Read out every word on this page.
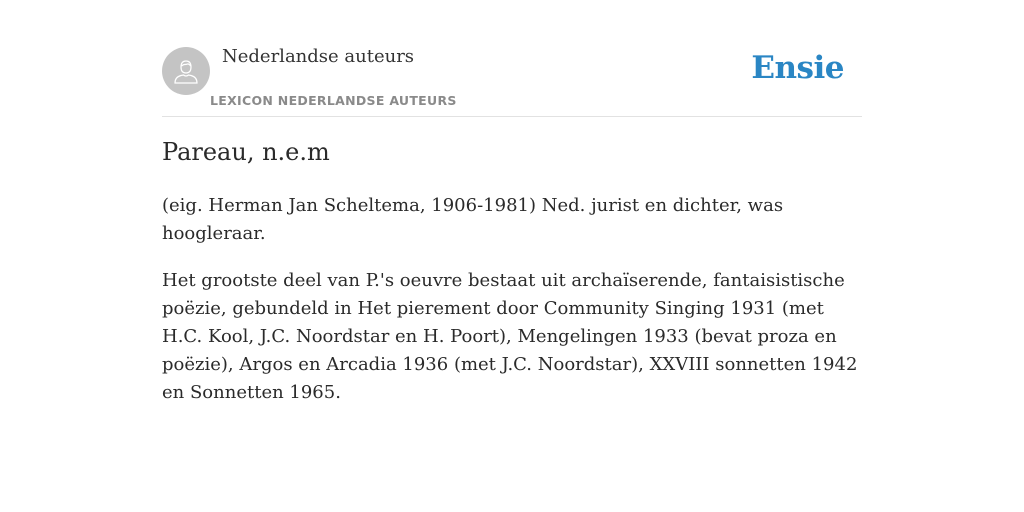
Nederlandse auteurs
LEXICON NEDERLANDSE AUTEURS
Ensie
Pareau, n.e.m

(eig. Herman Jan Scheltema, 1906-1981) Ned. jurist en dichter, was hoogleraar.

Het grootste deel van P.'s oeuvre bestaat uit archaïserende, fantaisistische poëzie, gebundeld in Het pierement door Community Singing 1931 (met H.C. Kool, J.C. Noordstar en H. Poort), Mengelingen 1933 (bevat proza en poëzie), Argos en Arcadia 1936 (met J.C. Noordstar), XXVIII sonnetten 1942 en Sonnetten 1965.
